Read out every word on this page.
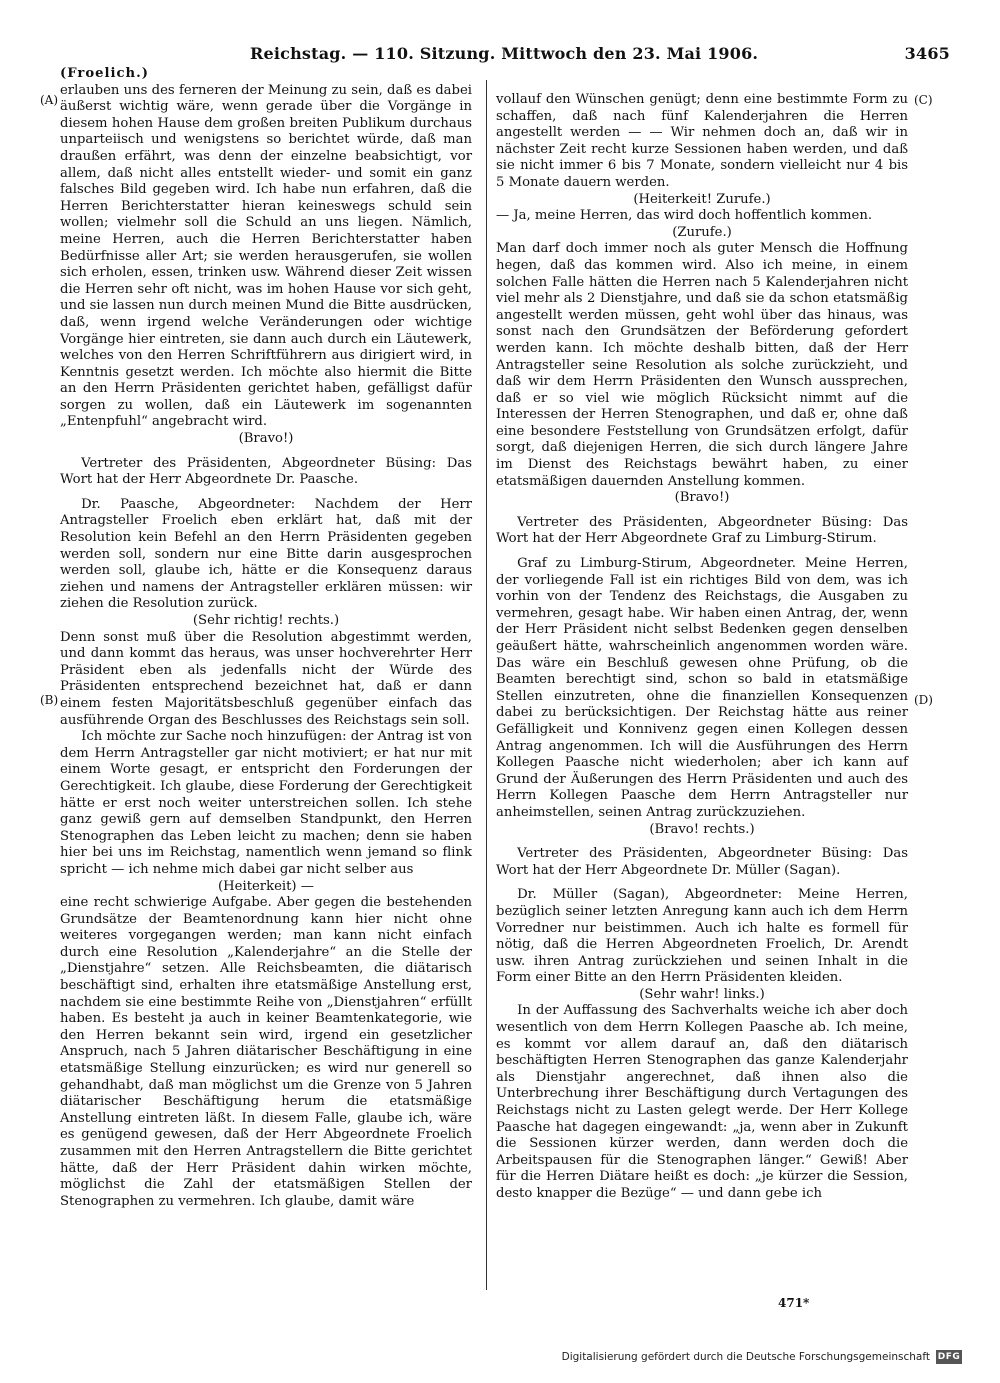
Reichstag. — 110. Sitzung. Mittwoch den 23. Mai 1906.	3465
(A)
(B)
(C)
(D)

(Froelich.)

erlauben uns des ferneren der Meinung zu sein, daß es dabei äußerst wichtig wäre, wenn gerade über die Vorgänge in diesem hohen Hause dem großen breiten Publikum durchaus unparteiisch und wenigstens so berichtet würde, daß man draußen erfährt, was denn der einzelne beabsichtigt, vor allem, daß nicht alles entstellt wieder- und somit ein ganz falsches Bild gegeben wird. Ich habe nun erfahren, daß die Herren Berichterstatter hieran keineswegs schuld sein wollen; vielmehr soll die Schuld an uns liegen. Nämlich, meine Herren, auch die Herren Berichterstatter haben Bedürfnisse aller Art; sie werden herausgerufen, sie wollen sich erholen, essen, trinken usw. Während dieser Zeit wissen die Herren sehr oft nicht, was im hohen Hause vor sich geht, und sie lassen nun durch meinen Mund die Bitte ausdrücken, daß, wenn irgend welche Veränderungen oder wichtige Vorgänge hier eintreten, sie dann auch durch ein Läutewerk, welches von den Herren Schriftführern aus dirigiert wird, in Kenntnis gesetzt werden. Ich möchte also hiermit die Bitte an den Herrn Präsidenten gerichtet haben, gefälligst dafür sorgen zu wollen, daß ein Läutewerk im sogenannten „Entenpfuhl“ angebracht wird.

(Bravo!)

Vertreter des Präsidenten, Abgeordneter Büsing: Das Wort hat der Herr Abgeordnete Dr. Paasche.

Dr. Paasche, Abgeordneter: Nachdem der Herr Antragsteller Froelich eben erklärt hat, daß mit der Resolution kein Befehl an den Herrn Präsidenten gegeben werden soll, sondern nur eine Bitte darin ausgesprochen werden soll, glaube ich, hätte er die Konsequenz daraus ziehen und namens der Antragsteller erklären müssen: wir ziehen die Resolution zurück.

(Sehr richtig! rechts.)

Denn sonst muß über die Resolution abgestimmt werden, und dann kommt das heraus, was unser hochverehrter Herr Präsident eben als jedenfalls nicht der Würde des Präsidenten entsprechend bezeichnet hat, daß er dann einem festen Majoritätsbeschluß gegenüber einfach das ausführende Organ des Beschlusses des Reichstags sein soll.

Ich möchte zur Sache noch hinzufügen: der Antrag ist von dem Herrn Antragsteller gar nicht motiviert; er hat nur mit einem Worte gesagt, er entspricht den Forderungen der Gerechtigkeit. Ich glaube, diese Forderung der Gerechtigkeit hätte er erst noch weiter unterstreichen sollen. Ich stehe ganz gewiß gern auf demselben Standpunkt, den Herren Stenographen das Leben leicht zu machen; denn sie haben hier bei uns im Reichstag, namentlich wenn jemand so flink spricht — ich nehme mich dabei gar nicht selber aus

(Heiterkeit) —

eine recht schwierige Aufgabe. Aber gegen die bestehenden Grundsätze der Beamtenordnung kann hier nicht ohne weiteres vorgegangen werden; man kann nicht einfach durch eine Resolution „Kalenderjahre“ an die Stelle der „Dienstjahre“ setzen. Alle Reichsbeamten, die diätarisch beschäftigt sind, erhalten ihre etatsmäßige Anstellung erst, nachdem sie eine bestimmte Reihe von „Dienstjahren“ erfüllt haben. Es besteht ja auch in keiner Beamtenkategorie, wie den Herren bekannt sein wird, irgend ein gesetzlicher Anspruch, nach 5 Jahren diätarischer Beschäftigung in eine etatsmäßige Stellung einzurücken; es wird nur generell so gehandhabt, daß man möglichst um die Grenze von 5 Jahren diätarischer Beschäftigung herum die etatsmäßige Anstellung eintreten läßt. In diesem Falle, glaube ich, wäre es genügend gewesen, daß der Herr Abgeordnete Froelich zusammen mit den Herren Antragstellern die Bitte gerichtet hätte, daß der Herr Präsident dahin wirken möchte, möglichst die Zahl der etatsmäßigen Stellen der Stenographen zu vermehren. Ich glaube, damit wäre

vollauf den Wünschen genügt; denn eine bestimmte Form zu schaffen, daß nach fünf Kalenderjahren die Herren angestellt werden — — Wir nehmen doch an, daß wir in nächster Zeit recht kurze Sessionen haben werden, und daß sie nicht immer 6 bis 7 Monate, sondern vielleicht nur 4 bis 5 Monate dauern werden.

(Heiterkeit! Zurufe.)

— Ja, meine Herren, das wird doch hoffentlich kommen.

(Zurufe.)

Man darf doch immer noch als guter Mensch die Hoffnung hegen, daß das kommen wird. Also ich meine, in einem solchen Falle hätten die Herren nach 5 Kalenderjahren nicht viel mehr als 2 Dienstjahre, und daß sie da schon etatsmäßig angestellt werden müssen, geht wohl über das hinaus, was sonst nach den Grundsätzen der Beförderung gefordert werden kann. Ich möchte deshalb bitten, daß der Herr Antragsteller seine Resolution als solche zurückzieht, und daß wir dem Herrn Präsidenten den Wunsch aussprechen, daß er so viel wie möglich Rücksicht nimmt auf die Interessen der Herren Stenographen, und daß er, ohne daß eine besondere Feststellung von Grundsätzen erfolgt, dafür sorgt, daß diejenigen Herren, die sich durch längere Jahre im Dienst des Reichstags bewährt haben, zu einer etatsmäßigen dauernden Anstellung kommen.

(Bravo!)

Vertreter des Präsidenten, Abgeordneter Büsing: Das Wort hat der Herr Abgeordnete Graf zu Limburg-Stirum.

Graf zu Limburg-Stirum, Abgeordneter. Meine Herren, der vorliegende Fall ist ein richtiges Bild von dem, was ich vorhin von der Tendenz des Reichstags, die Ausgaben zu vermehren, gesagt habe. Wir haben einen Antrag, der, wenn der Herr Präsident nicht selbst Bedenken gegen denselben geäußert hätte, wahrscheinlich angenommen worden wäre. Das wäre ein Beschluß gewesen ohne Prüfung, ob die Beamten berechtigt sind, schon so bald in etatsmäßige Stellen einzutreten, ohne die finanziellen Konsequenzen dabei zu berücksichtigen. Der Reichstag hätte aus reiner Gefälligkeit und Konnivenz gegen einen Kollegen dessen Antrag angenommen. Ich will die Ausführungen des Herrn Kollegen Paasche nicht wiederholen; aber ich kann auf Grund der Äußerungen des Herrn Präsidenten und auch des Herrn Kollegen Paasche dem Herrn Antragsteller nur anheimstellen, seinen Antrag zurückzuziehen.

(Bravo! rechts.)

Vertreter des Präsidenten, Abgeordneter Büsing: Das Wort hat der Herr Abgeordnete Dr. Müller (Sagan).

Dr. Müller (Sagan), Abgeordneter: Meine Herren, bezüglich seiner letzten Anregung kann auch ich dem Herrn Vorredner nur beistimmen. Auch ich halte es formell für nötig, daß die Herren Abgeordneten Froelich, Dr. Arendt usw. ihren Antrag zurückziehen und seinen Inhalt in die Form einer Bitte an den Herrn Präsidenten kleiden.

(Sehr wahr! links.)

In der Auffassung des Sachverhalts weiche ich aber doch wesentlich von dem Herrn Kollegen Paasche ab. Ich meine, es kommt vor allem darauf an, daß den diätarisch beschäftigten Herren Stenographen das ganze Kalenderjahr als Dienstjahr angerechnet, daß ihnen also die Unterbrechung ihrer Beschäftigung durch Vertagungen des Reichstags nicht zu Lasten gelegt werde. Der Herr Kollege Paasche hat dagegen eingewandt: „ja, wenn aber in Zukunft die Sessionen kürzer werden, dann werden doch die Arbeitspausen für die Stenographen länger.“ Gewiß! Aber für die Herren Diätare heißt es doch: „je kürzer die Session, desto knapper die Bezüge“ — und dann gebe ich

471*
Digitalisierung gefördert durch die Deutsche Forschungsgemeinschaft DFG
